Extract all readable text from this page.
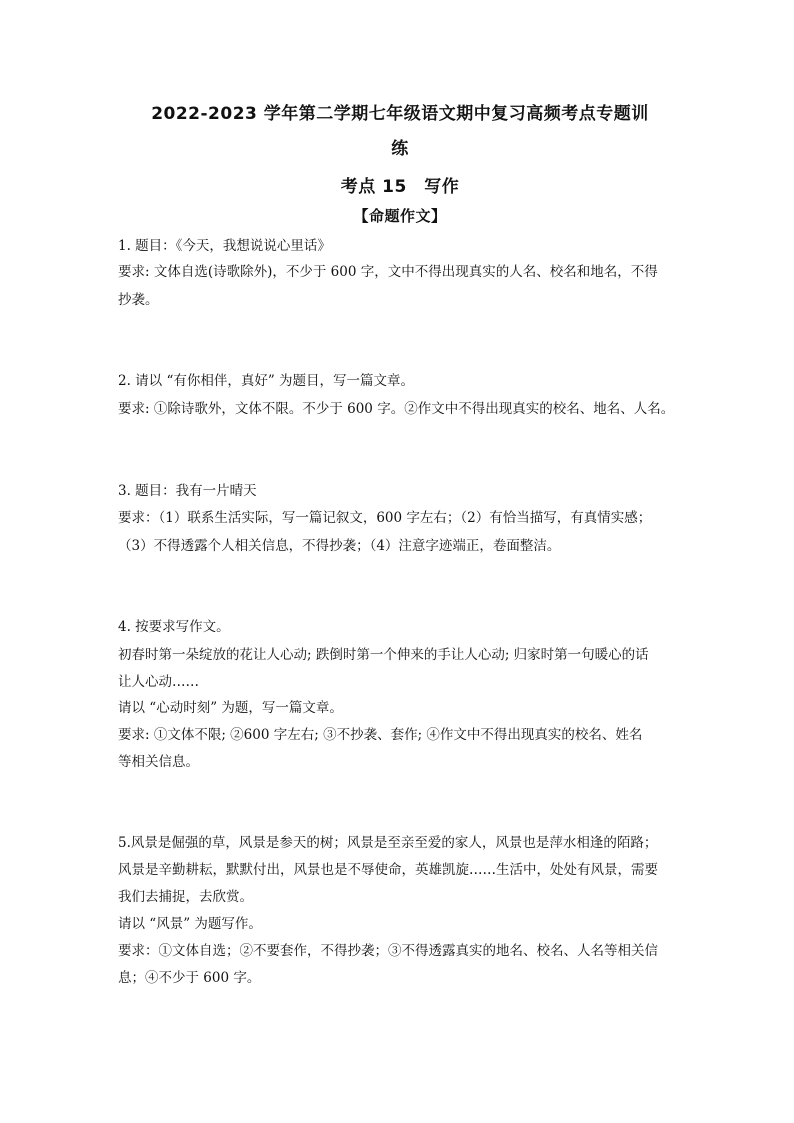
2022-2023 学年第二学期七年级语文期中复习高频考点专题训
练
考点 15　写作
【命题作文】
1. 题目：《今天，我想说说心里话》
要求: 文体自选(诗歌除外)，不少于 600 字，文中不得出现真实的人名、校名和地名，不得
抄袭。
2. 请以 “有你相伴，真好” 为题目，写一篇文章。
要求: ①除诗歌外，文体不限。不少于 600 字。②作文中不得出现真实的校名、地名、人名。
3. 题目：我有一片晴天
要求：（1）联系生活实际，写一篇记叙文，600 字左右；（2）有恰当描写，有真情实感；
（3）不得透露个人相关信息，不得抄袭；（4）注意字迹端正，卷面整洁。
4. 按要求写作文。
初春时第一朵绽放的花让人心动; 跌倒时第一个伸来的手让人心动; 归家时第一句暖心的话
让人心动……
请以 “心动时刻” 为题，写一篇文章。
要求: ①文体不限; ②600 字左右; ③不抄袭、套作; ④作文中不得出现真实的校名、姓名
等相关信息。
5.风景是倔强的草，风景是参天的树；风景是至亲至爱的家人，风景也是萍水相逢的陌路；
风景是辛勤耕耘，默默付出，风景也是不辱使命，英雄凯旋……生活中，处处有风景，需要
我们去捕捉，去欣赏。
请以 “风景” 为题写作。
要求：①文体自选；②不要套作，不得抄袭；③不得透露真实的地名、校名、人名等相关信
息；④不少于 600 字。
